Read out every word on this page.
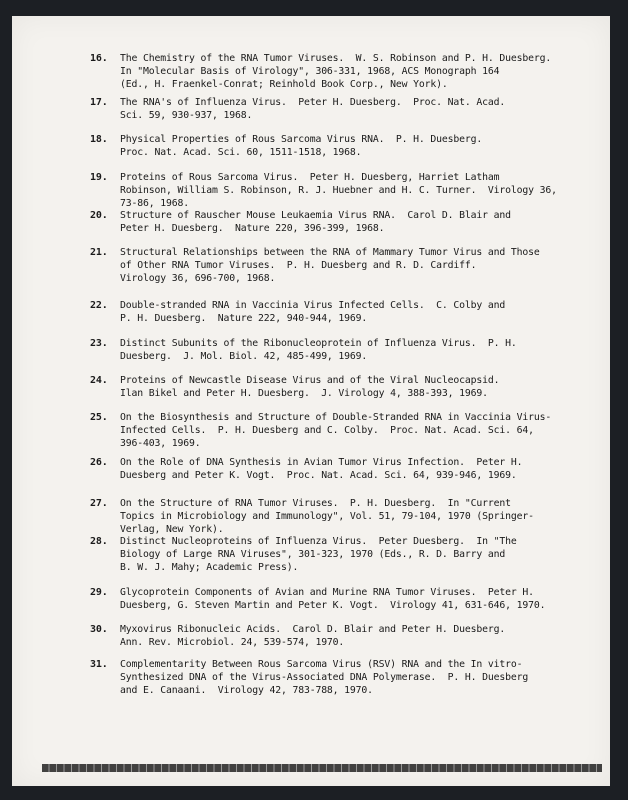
16. The Chemistry of the RNA Tumor Viruses.  W. S. Robinson and P. H. Duesberg.
In "Molecular Basis of Virology", 306-331, 1968, ACS Monograph 164
(Ed., H. Fraenkel-Conrat; Reinhold Book Corp., New York).
17. The RNA's of Influenza Virus.  Peter H. Duesberg.  Proc. Nat. Acad.
Sci. 59, 930-937, 1968.
18. Physical Properties of Rous Sarcoma Virus RNA.  P. H. Duesberg.
Proc. Nat. Acad. Sci. 60, 1511-1518, 1968.
19. Proteins of Rous Sarcoma Virus.  Peter H. Duesberg, Harriet Latham
Robinson, William S. Robinson, R. J. Huebner and H. C. Turner.  Virology 36,
73-86, 1968.
20. Structure of Rauscher Mouse Leukaemia Virus RNA.  Carol D. Blair and
Peter H. Duesberg.  Nature 220, 396-399, 1968.
21. Structural Relationships between the RNA of Mammary Tumor Virus and Those
of Other RNA Tumor Viruses.  P. H. Duesberg and R. D. Cardiff.
Virology 36, 696-700, 1968.
22. Double-stranded RNA in Vaccinia Virus Infected Cells.  C. Colby and
P. H. Duesberg.  Nature 222, 940-944, 1969.
23. Distinct Subunits of the Ribonucleoprotein of Influenza Virus.  P. H.
Duesberg.  J. Mol. Biol. 42, 485-499, 1969.
24. Proteins of Newcastle Disease Virus and of the Viral Nucleocapsid.
Ilan Bikel and Peter H. Duesberg.  J. Virology 4, 388-393, 1969.
25. On the Biosynthesis and Structure of Double-Stranded RNA in Vaccinia Virus-
Infected Cells.  P. H. Duesberg and C. Colby.  Proc. Nat. Acad. Sci. 64,
396-403, 1969.
26. On the Role of DNA Synthesis in Avian Tumor Virus Infection.  Peter H.
Duesberg and Peter K. Vogt.  Proc. Nat. Acad. Sci. 64, 939-946, 1969.
27. On the Structure of RNA Tumor Viruses.  P. H. Duesberg.  In "Current
Topics in Microbiology and Immunology", Vol. 51, 79-104, 1970 (Springer-
Verlag, New York).
28. Distinct Nucleoproteins of Influenza Virus.  Peter Duesberg.  In "The
Biology of Large RNA Viruses", 301-323, 1970 (Eds., R. D. Barry and
B. W. J. Mahy; Academic Press).
29. Glycoprotein Components of Avian and Murine RNA Tumor Viruses.  Peter H.
Duesberg, G. Steven Martin and Peter K. Vogt.  Virology 41, 631-646, 1970.
30. Myxovirus Ribonucleic Acids.  Carol D. Blair and Peter H. Duesberg.
Ann. Rev. Microbiol. 24, 539-574, 1970.
31. Complementarity Between Rous Sarcoma Virus (RSV) RNA and the In vitro-
Synthesized DNA of the Virus-Associated DNA Polymerase.  P. H. Duesberg
and E. Canaani.  Virology 42, 783-788, 1970.
